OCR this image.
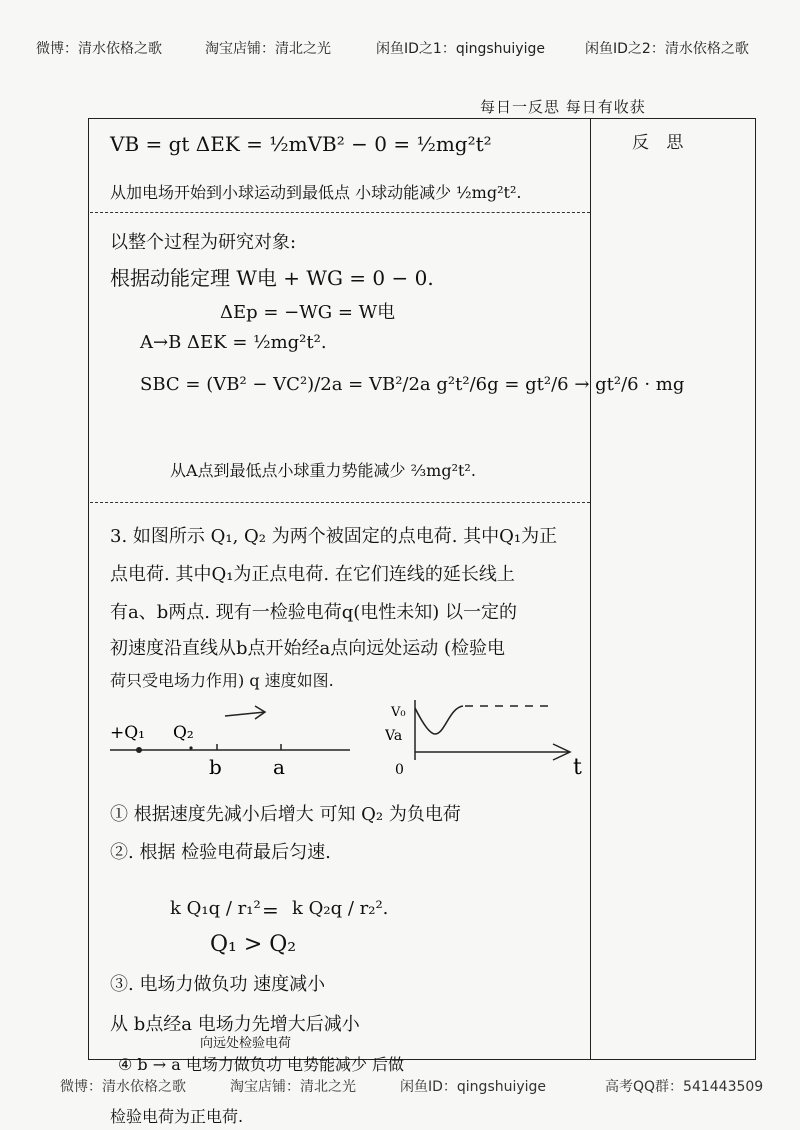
微博：清水依格之歌	淘宝店铺：清北之光	闲鱼ID之1：qingshuiyige	闲鱼ID之2：清水依格之歌
每日一反思 每日有收获
反 思
VB = gt ΔEK = ½mVB² − 0 = ½mg²t²
从加电场开始到小球运动到最低点 小球动能减少 ½mg²t².
以整个过程为研究对象:
根据动能定理 W电 + WG = 0 − 0.
ΔEp = −WG = W电
A→B ΔEK = ½mg²t².
SBC = (VB² − VC²)/2a = VB²/2a g²t²/6g = gt²/6 → gt²/6 · mg
从A点到最低点小球重力势能减少 ⅔mg²t².
3. 如图所示 Q₁, Q₂ 为两个被固定的点电荷. 其中Q₁为正
点电荷. 其中Q₁为正点电荷. 在它们连线的延长线上
有a、b两点. 现有一检验电荷q(电性未知) 以一定的
初速度沿直线从b点开始经a点向远处运动 (检验电
荷只受电场力作用) q 速度如图.
+Q₁ Q₂
b	a
V₀
Va
0	t
① 根据速度先减小后增大 可知 Q₂ 为负电荷
②. 根据 检验电荷最后匀速.
k Q₁q / r₁² = k Q₂q / r₂².
Q₁ > Q₂
③. 电场力做负功 速度减小
从 b点经a 电场力先增大后减小
向远处检验电荷
④ b → a 电场力做负功 电势能减少 后做
检验电荷为正电荷.
微博：清水依格之歌	淘宝店铺：清北之光	闲鱼ID：qingshuiyige	高考QQ群：541443509
